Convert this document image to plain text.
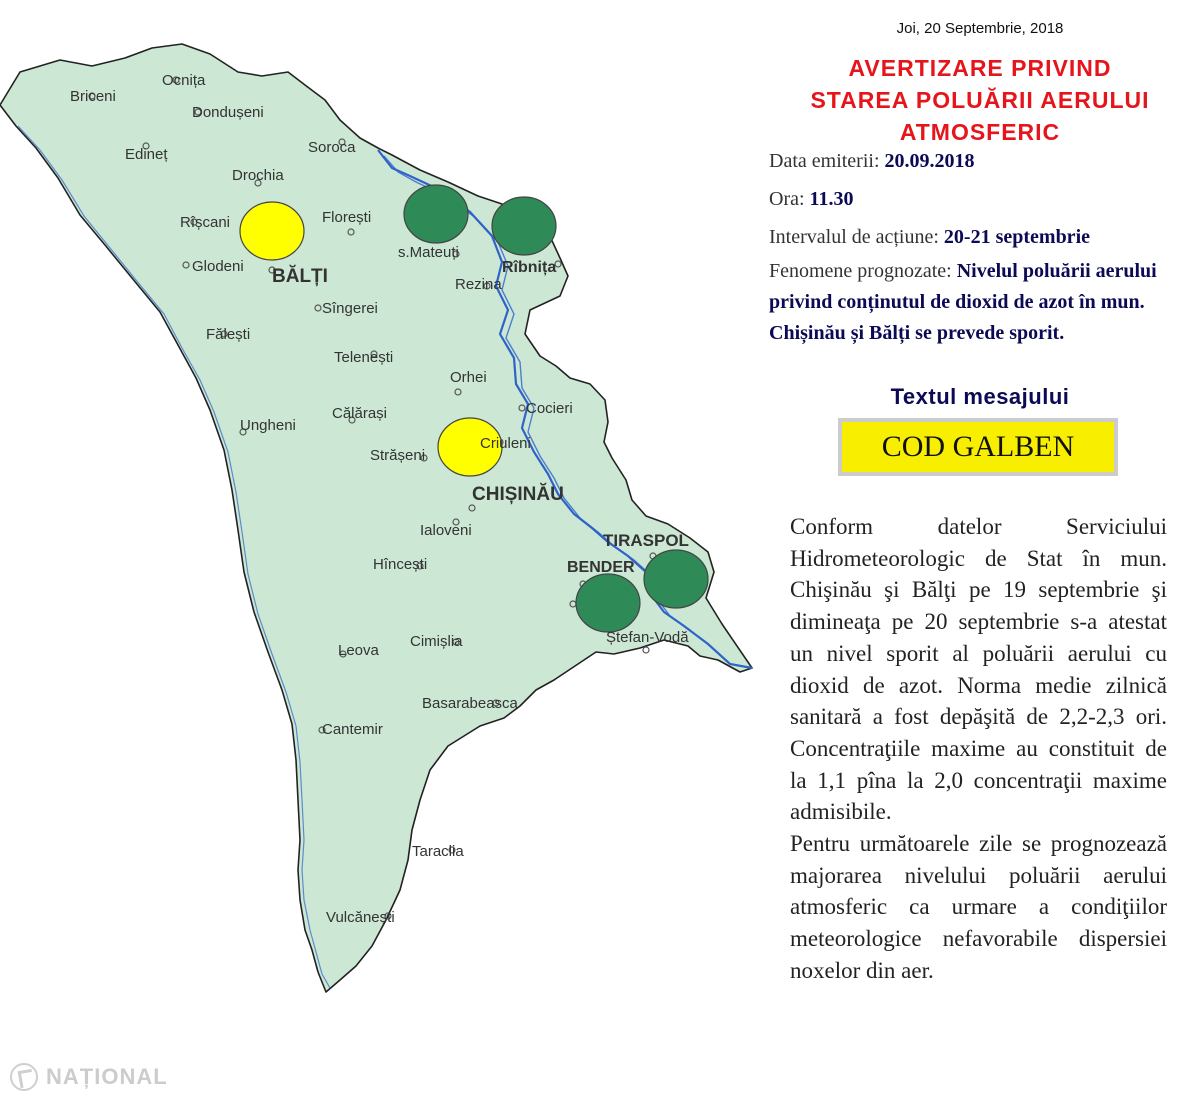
Briceni
Ocnița
Dondușeni
Edineț	Soroca
Drochia
Rîșcani	Florești
Glodeni BĂLȚI
s.Mateuți
Rîbnița
Rezina
Sîngerei
Fălești
Telenești
Orhei
Cocieri
Ungheni
Călărași
Criuleni
Strășeni
CHIȘINĂU
Ialoveni
TIRASPOL
Hîncești	BENDER
Ștefan-Vodă
Leova
Cimișlia
Basarabeasca
Cantemir
Taraclia
Vulcănești
Joi, 20 Septembrie, 2018
AVERTIZARE PRIVIND
STAREA POLUĂRII AERULUI
ATMOSFERIC
Data emiterii: 20.09.2018
Ora: 11.30
Intervalul de acțiune: 20-21 septembrie
Fenomene prognozate: Nivelul poluării aerului privind conținutul de dioxid de azot în mun. Chișinău și Bălți se prevede sporit.
Textul mesajului
COD GALBEN
Conform datelor Serviciului Hidrometeorologic de Stat în mun. Chişinău şi Bălţi pe 19 septembrie şi dimineaţa pe 20 septembrie s-a atestat un nivel sporit al poluării aerului cu dioxid de azot. Norma medie zilnică sanitară a fost depăşită de 2,2-2,3 ori. Concentraţiile maxime au constituit de la 1,1 pîna la 2,0 concentraţii maxime admisibile.
Pentru următoarele zile se prognozează majorarea nivelului poluării aerului atmosferic ca urmare a condiţiilor meteorologice nefavorabile dispersiei noxelor din aer.
NAȚIONAL
